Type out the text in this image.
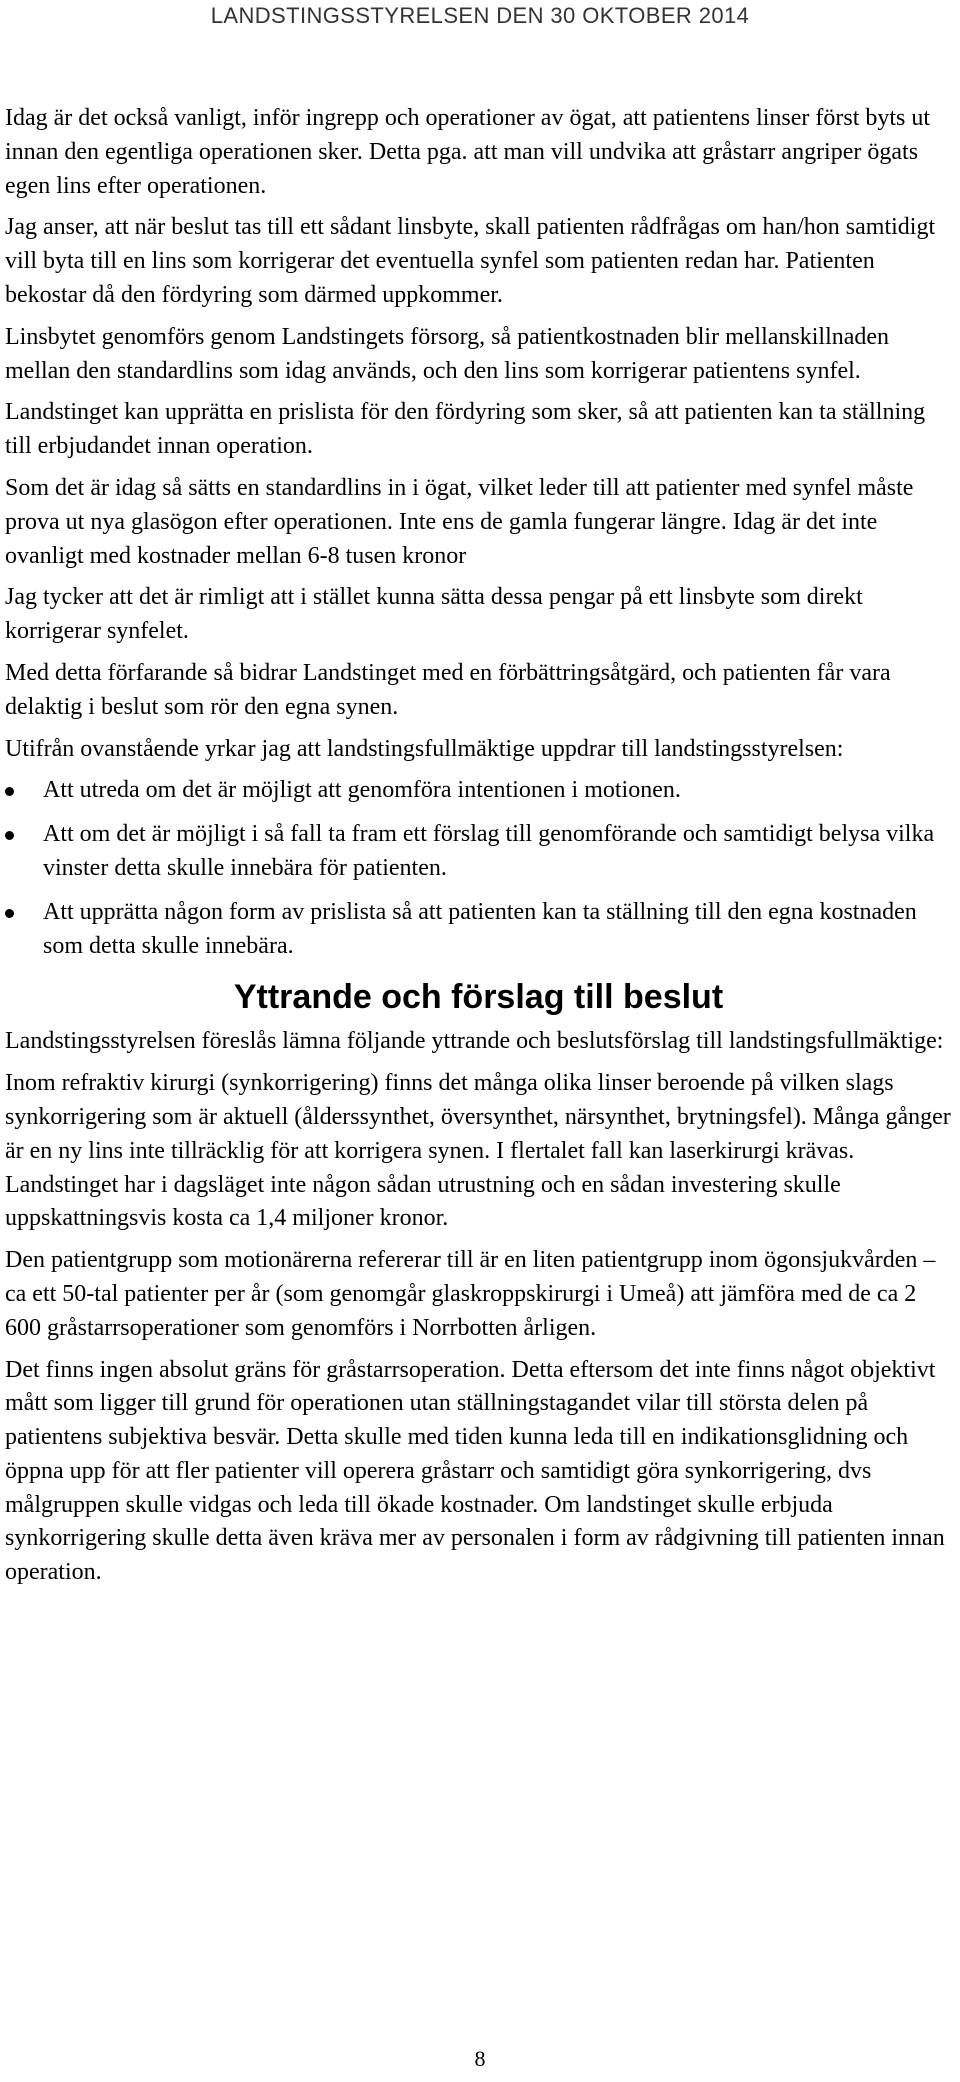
LANDSTINGSSTYRELSEN DEN 30 OKTOBER 2014

Idag är det också vanligt, inför ingrepp och operationer av ögat, att patientens linser först byts ut innan den egentliga operationen sker. Detta pga. att man vill undvika att gråstarr angriper ögats egen lins efter operationen.

Jag anser, att när beslut tas till ett sådant linsbyte, skall patienten rådfrågas om han/hon samtidigt vill byta till en lins som korrigerar det eventuella synfel som patienten redan har. Patienten bekostar då den fördyring som därmed uppkommer.

Linsbytet genomförs genom Landstingets försorg, så patientkostnaden blir mellanskillnaden mellan den standardlins som idag används, och den lins som korrigerar patientens synfel.

Landstinget kan upprätta en prislista för den fördyring som sker, så att patienten kan ta ställning till erbjudandet innan operation.

Som det är idag så sätts en standardlins in i ögat, vilket leder till att patienter med synfel måste prova ut nya glasögon efter operationen. Inte ens de gamla fungerar längre. Idag är det inte ovanligt med kostnader mellan 6-8 tusen kronor

Jag tycker att det är rimligt att i stället kunna sätta dessa pengar på ett linsbyte som direkt korrigerar synfelet.

Med detta förfarande så bidrar Landstinget med en förbättringsåtgärd, och patienten får vara delaktig i beslut som rör den egna synen.

Utifrån ovanstående yrkar jag att landstingsfullmäktige uppdrar till landstingsstyrelsen:

Att utreda om det är möjligt att genomföra intentionen i motionen.
Att om det är möjligt i så fall ta fram ett förslag till genomförande och samtidigt belysa vilka vinster detta skulle innebära för patienten.
Att upprätta någon form av prislista så att patienten kan ta ställning till den egna kostnaden som detta skulle innebära.
Yttrande och förslag till beslut

Landstingsstyrelsen föreslås lämna följande yttrande och beslutsförslag till landstingsfullmäktige:

Inom refraktiv kirurgi (synkorrigering) finns det många olika linser beroende på vilken slags synkorrigering som är aktuell (ålderssynthet, översynthet, närsynthet, brytningsfel). Många gånger är en ny lins inte tillräcklig för att korrigera synen. I flertalet fall kan laserkirurgi krävas. Landstinget har i dagsläget inte någon sådan utrustning och en sådan investering skulle uppskattningsvis kosta ca 1,4 miljoner kronor.

Den patientgrupp som motionärerna refererar till är en liten patientgrupp inom ögonsjukvården – ca ett 50-tal patienter per år (som genomgår glaskroppskirurgi i Umeå) att jämföra med de ca 2 600 gråstarrsoperationer som genomförs i Norrbotten årligen.

Det finns ingen absolut gräns för gråstarrsoperation. Detta eftersom det inte finns något objektivt mått som ligger till grund för operationen utan ställningstagandet vilar till största delen på patientens subjektiva besvär. Detta skulle med tiden kunna leda till en indikationsglidning och öppna upp för att fler patienter vill operera gråstarr och samtidigt göra synkorrigering, dvs målgruppen skulle vidgas och leda till ökade kostnader. Om landstinget skulle erbjuda synkorrigering skulle detta även kräva mer av personalen i form av rådgivning till patienten innan operation.

8
